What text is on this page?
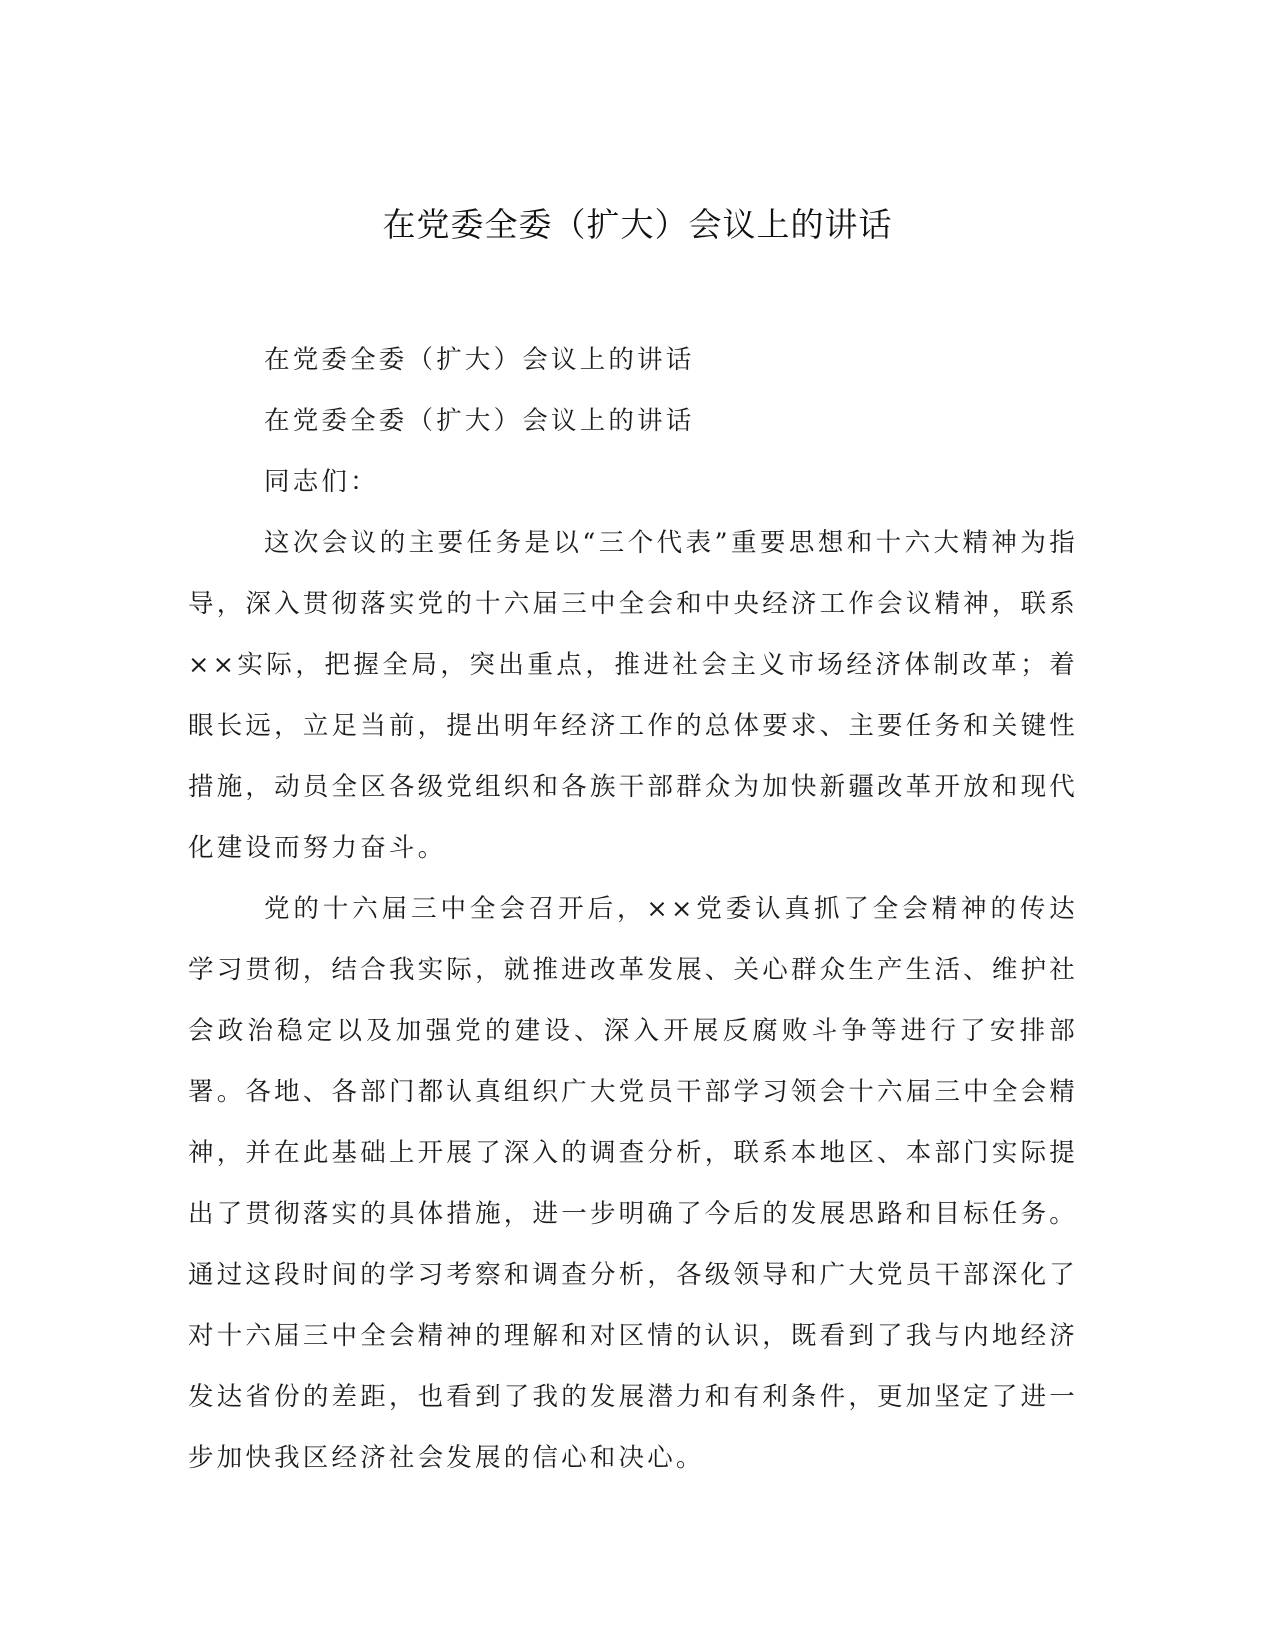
在党委全委（扩大）会议上的讲话

在党委全委（扩大）会议上的讲话

在党委全委（扩大）会议上的讲话

同志们：

这次会议的主要任务是以“三个代表”重要思想和十六大精神为指导，深入贯彻落实党的十六届三中全会和中央经济工作会议精神，联系××实际，把握全局，突出重点，推进社会主义市场经济体制改革；着眼长远，立足当前，提出明年经济工作的总体要求、主要任务和关键性措施，动员全区各级党组织和各族干部群众为加快新疆改革开放和现代化建设而努力奋斗。

党的十六届三中全会召开后，××党委认真抓了全会精神的传达学习贯彻，结合我实际，就推进改革发展、关心群众生产生活、维护社会政治稳定以及加强党的建设、深入开展反腐败斗争等进行了安排部署。各地、各部门都认真组织广大党员干部学习领会十六届三中全会精神，并在此基础上开展了深入的调查分析，联系本地区、本部门实际提出了贯彻落实的具体措施，进一步明确了今后的发展思路和目标任务。通过这段时间的学习考察和调查分析，各级领导和广大党员干部深化了对十六届三中全会精神的理解和对区情的认识，既看到了我与内地经济发达省份的差距，也看到了我的发展潜力和有利条件，更加坚定了进一步加快我区经济社会发展的信心和决心。
